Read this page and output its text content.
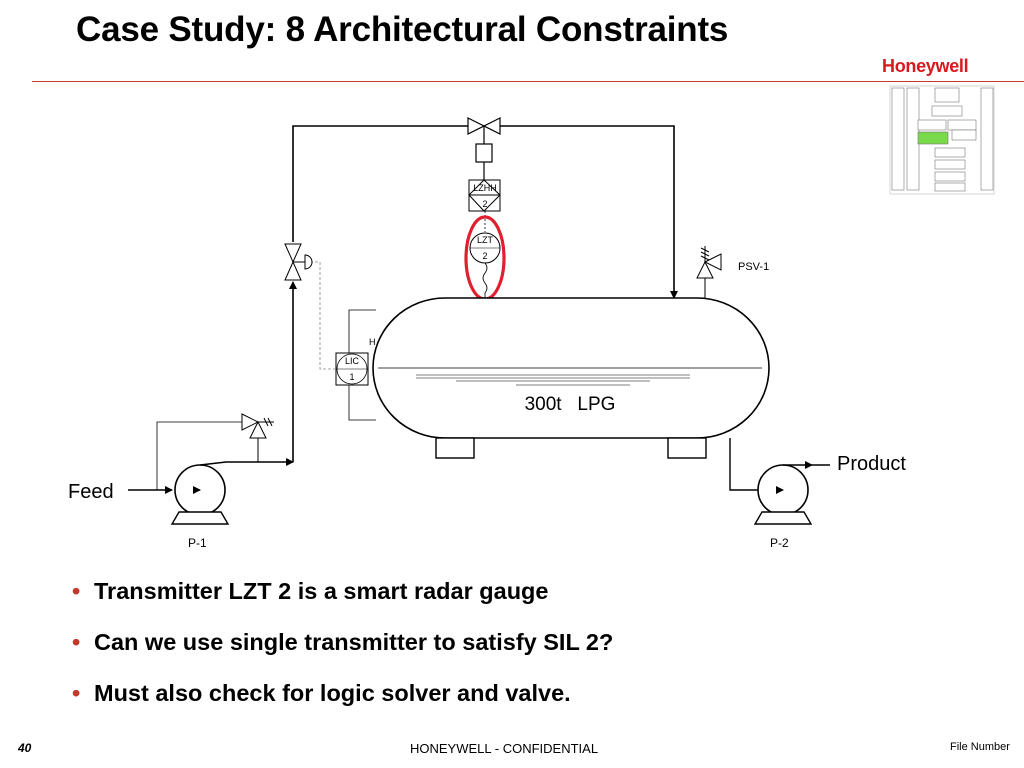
Case Study: 8 Architectural Constraints
Honeywell
LZHH
2
LZT
2
PSV-1
300t   LPG
H
LIC
1
Feed
P-1	P-2
Product
• Transmitter LZT 2 is a smart radar gauge
• Can we use single transmitter to satisfy SIL 2?
• Must also check for logic solver and valve.
40	HONEYWELL - CONFIDENTIAL	File Number
